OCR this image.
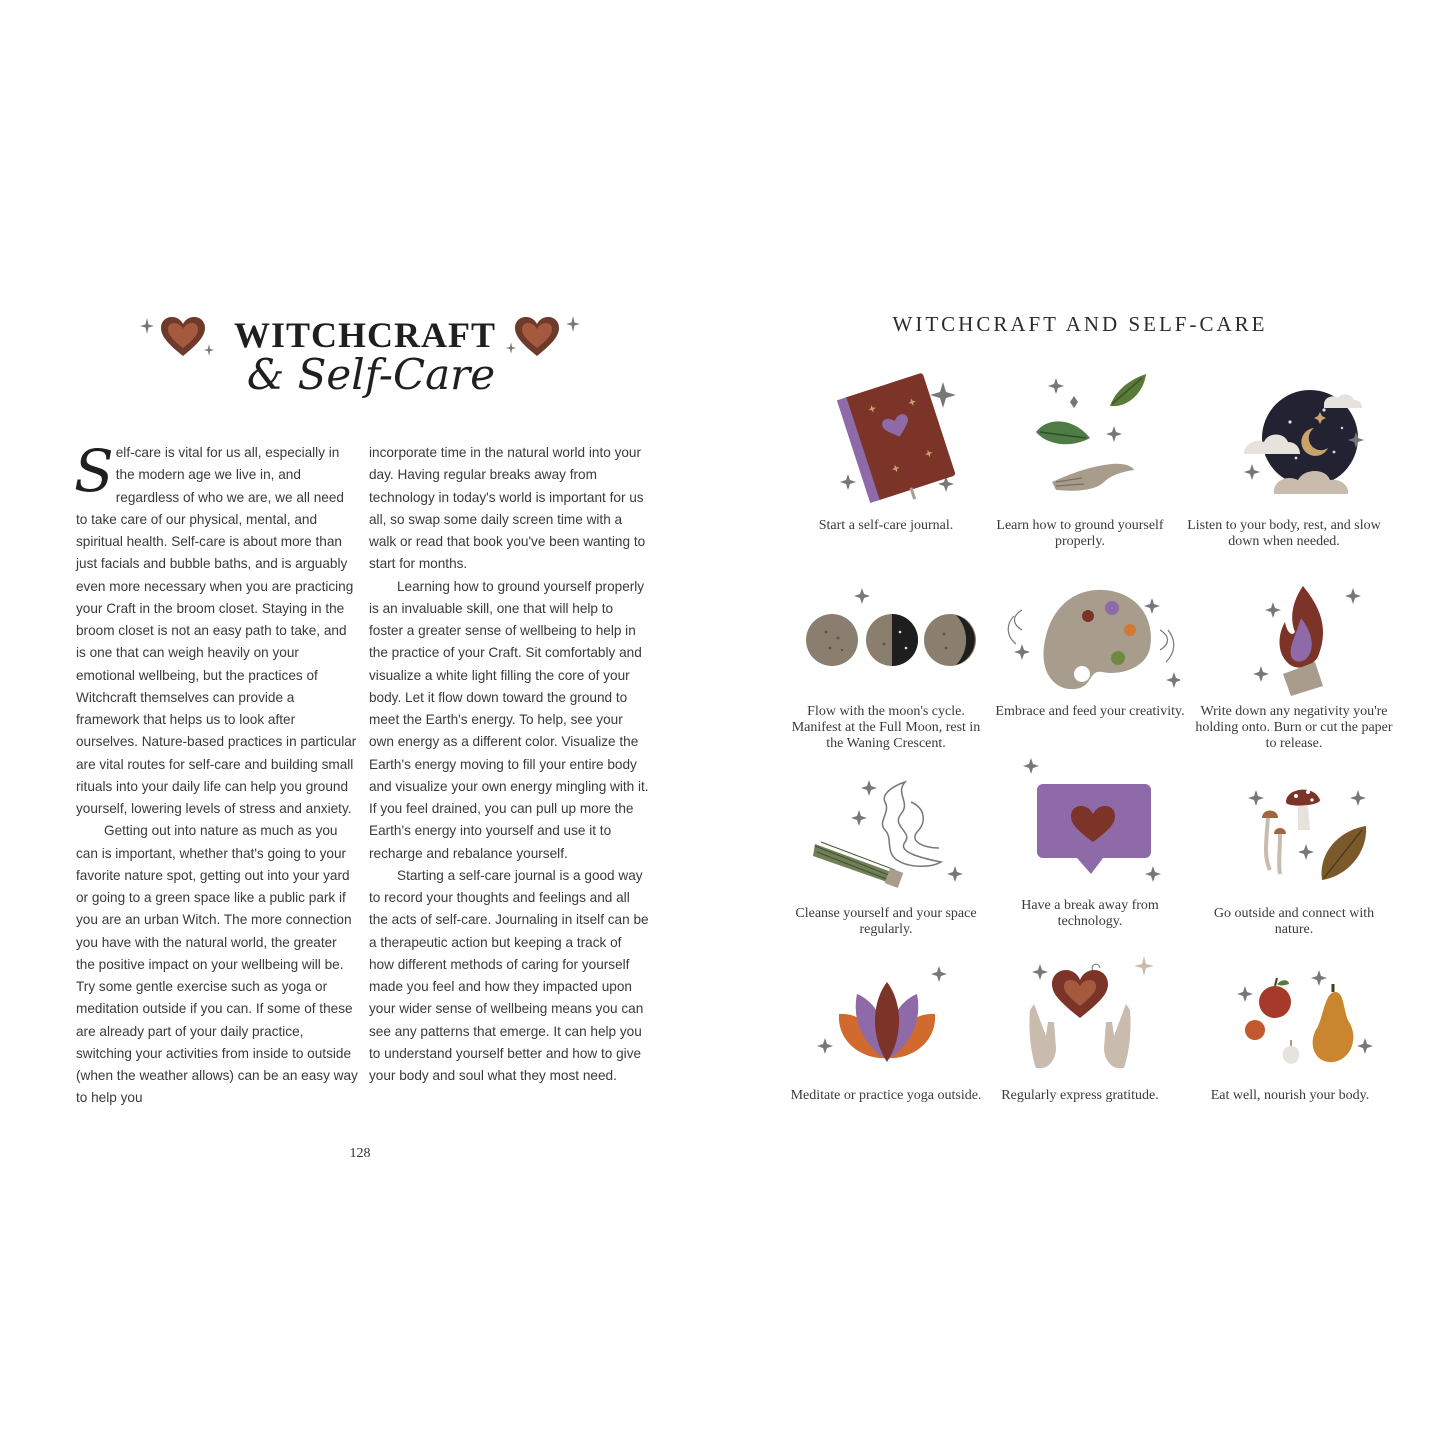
WITCHCRAFT
& Self-Care

Self-care is vital for us all, especially in the modern age we live in, and regardless of who we are, we all need to take care of our physical, mental, and spiritual health. Self-care is about more than just facials and bubble baths, and is arguably even more necessary when you are practicing your Craft in the broom closet. Staying in the broom closet is not an easy path to take, and is one that can weigh heavily on your emotional wellbeing, but the practices of Witchcraft themselves can provide a framework that helps us to look after ourselves. Nature-based practices in particular are vital routes for self-care and building small rituals into your daily life can help you ground yourself, lowering levels of stress and anxiety.

Getting out into nature as much as you can is important, whether that's going to your favorite nature spot, getting out into your yard or going to a green space like a public park if you are an urban Witch. The more connection you have with the natural world, the greater the positive impact on your wellbeing will be. Try some gentle exercise such as yoga or meditation outside if you can. If some of these are already part of your daily practice, switching your activities from inside to outside (when the weather allows) can be an easy way to help you

incorporate time in the natural world into your day. Having regular breaks away from technology in today's world is important for us all, so swap some daily screen time with a walk or read that book you've been wanting to start for months.

Learning how to ground yourself properly is an invaluable skill, one that will help to foster a greater sense of wellbeing to help in the practice of your Craft. Sit comfortably and visualize a white light filling the core of your body. Let it flow down toward the ground to meet the Earth's energy. To help, see your own energy as a different color. Visualize the Earth's energy moving to fill your entire body and visualize your own energy mingling with it. If you feel drained, you can pull up more the Earth's energy into yourself and use it to recharge and rebalance yourself.

Starting a self-care journal is a good way to record your thoughts and feelings and all the acts of self-care. Journaling in itself can be a therapeutic action but keeping a track of how different methods of caring for yourself made you feel and how they impacted upon your wider sense of wellbeing means you can see any patterns that emerge. It can help you to understand yourself better and how to give your body and soul what they most need.

128
WITCHCRAFT AND SELF-CARE
Start a self-care journal.	Learn how to ground yourself properly.
Listen to your body, rest, and slow down when needed.
Flow with the moon's cycle. Manifest at the Full Moon, rest in the Waning Crescent.
Embrace and feed your creativity.	Write down any negativity you're holding onto. Burn or cut the paper to release.
Cleanse yourself and your space regularly.
Have a break away from technology.
Go outside and connect with nature.
Meditate or practice yoga outside.	Regularly express gratitude.	Eat well, nourish your body.
